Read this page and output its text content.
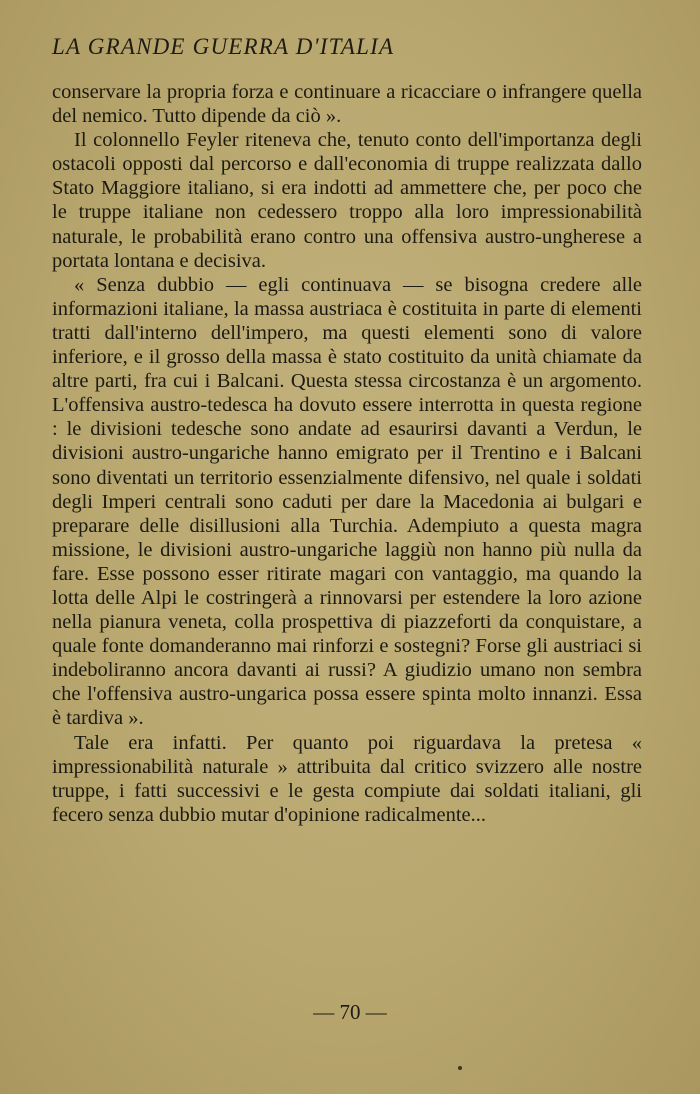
LA GRANDE GUERRA D'ITALIA

conservare la propria forza e continuare a ricacciare o infrangere quella del nemico. Tutto dipende da ciò ».

Il colonnello Feyler riteneva che, tenuto conto dell'importanza degli ostacoli opposti dal percorso e dall'economia di truppe realizzata dallo Stato Maggiore italiano, si era indotti ad ammettere che, per poco che le truppe italiane non cedessero troppo alla loro impressionabilità naturale, le probabilità erano contro una offensiva austro-ungherese a portata lontana e decisiva.

« Senza dubbio — egli continuava — se bisogna credere alle informazioni italiane, la massa austriaca è costituita in parte di elementi tratti dall'interno dell'impero, ma questi elementi sono di valore inferiore, e il grosso della massa è stato costituito da unità chiamate da altre parti, fra cui i Balcani. Questa stessa circostanza è un argomento. L'offensiva austro-tedesca ha dovuto essere interrotta in questa regione : le divisioni tedesche sono andate ad esaurirsi davanti a Verdun, le divisioni austro-ungariche hanno emigrato per il Trentino e i Balcani sono diventati un territorio essenzialmente difensivo, nel quale i soldati degli Imperi centrali sono caduti per dare la Macedonia ai bulgari e preparare delle disillusioni alla Turchia. Adempiuto a questa magra missione, le divisioni austro-ungariche laggiù non hanno più nulla da fare. Esse possono esser ritirate magari con vantaggio, ma quando la lotta delle Alpi le costringerà a rinnovarsi per estendere la loro azione nella pianura veneta, colla prospettiva di piazzeforti da conquistare, a quale fonte domanderanno mai rinforzi e sostegni? Forse gli austriaci si indeboliranno ancora davanti ai russi? A giudizio umano non sembra che l'offensiva austro-ungarica possa essere spinta molto innanzi. Essa è tardiva ».

Tale era infatti. Per quanto poi riguardava la pretesa « impressionabilità naturale » attribuita dal critico svizzero alle nostre truppe, i fatti successivi e le gesta compiute dai soldati italiani, gli fecero senza dubbio mutar d'opinione radicalmente...

— 70 —
